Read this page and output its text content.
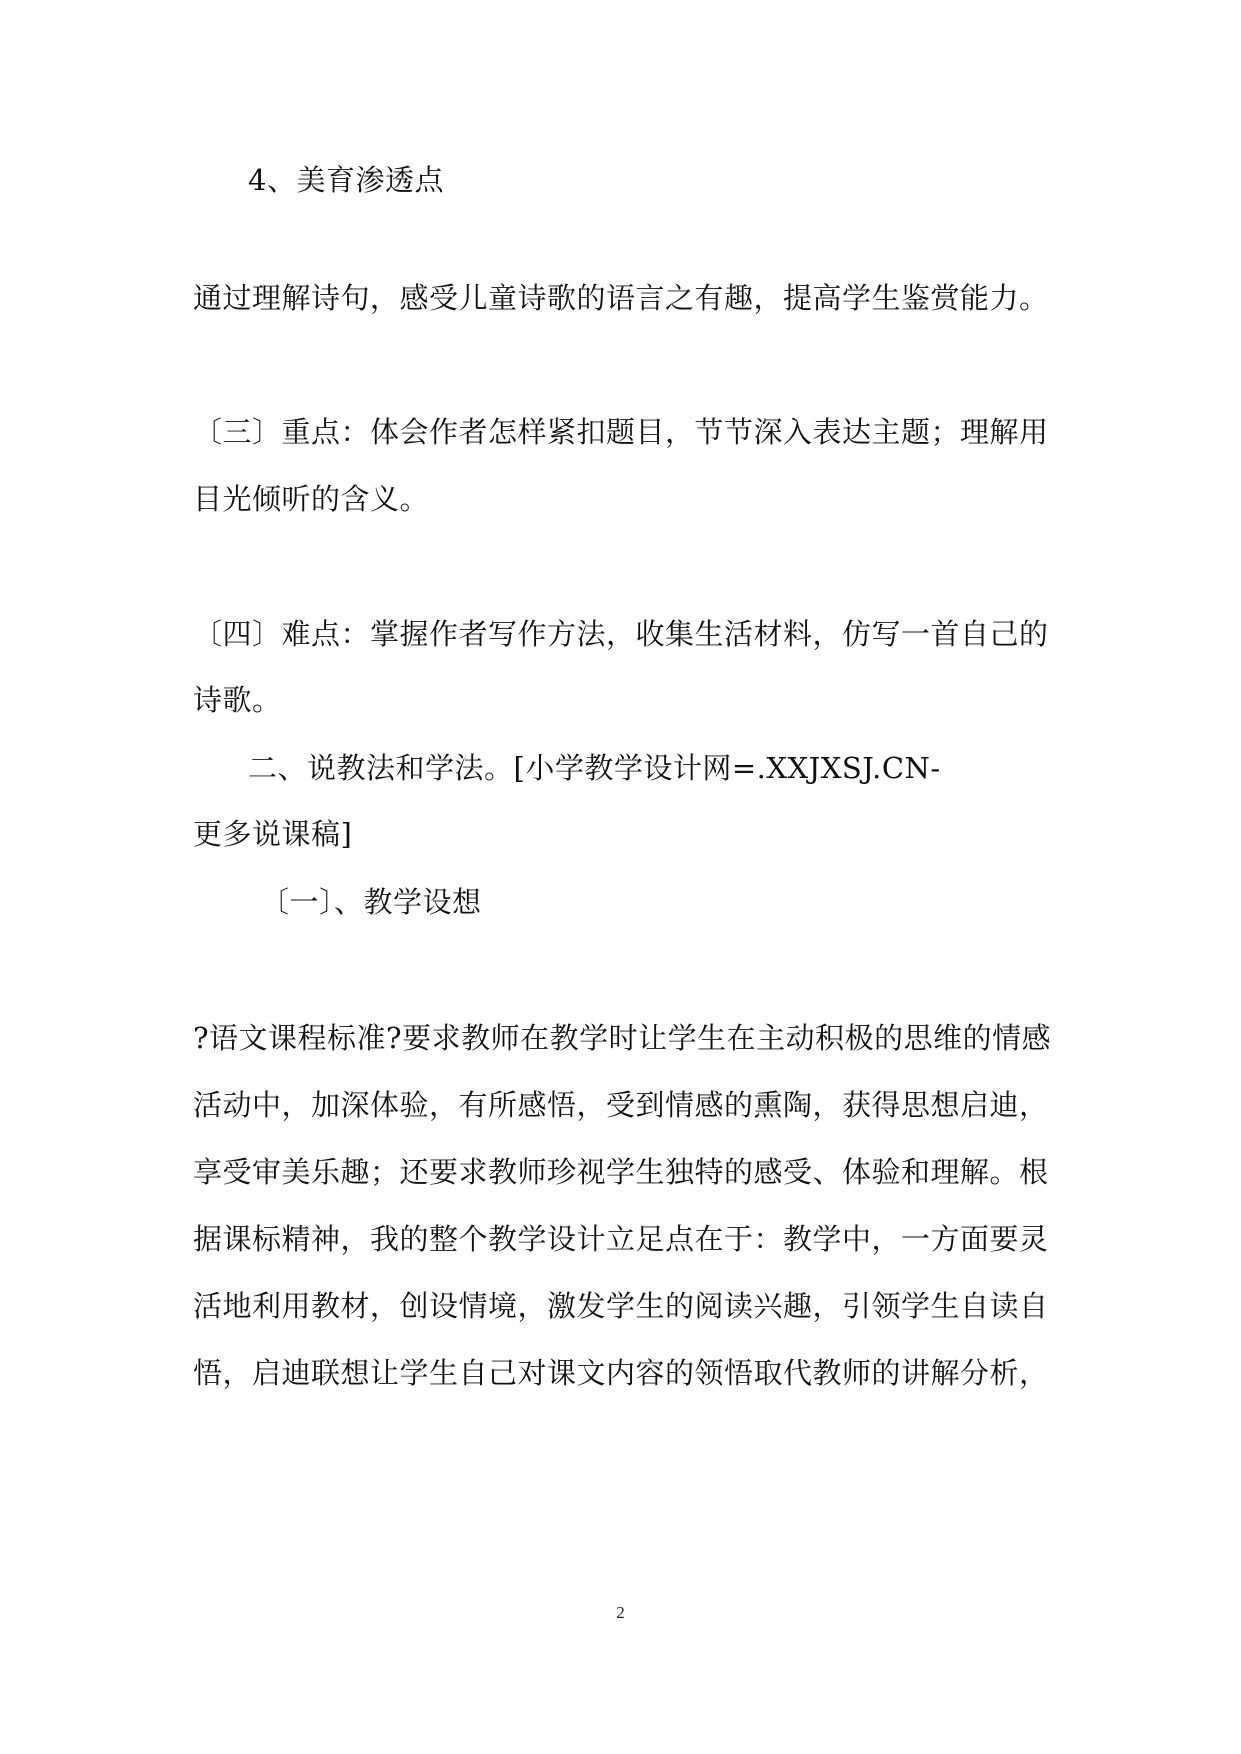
4、美育渗透点
通过理解诗句，感受儿童诗歌的语言之有趣，提高学生鉴赏能力。
〔三〕重点：体会作者怎样紧扣题目，节节深入表达主题；理解用
目光倾听的含义。
〔四〕难点：掌握作者写作方法，收集生活材料，仿写一首自己的
诗歌。
二、说教法和学法。[小学教学设计网=.XXJXSJ.CN-
更多说课稿]
〔一〕、教学设想
?语文课程标准?要求教师在教学时让学生在主动积极的思维的情感
活动中，加深体验，有所感悟，受到情感的熏陶，获得思想启迪，
享受审美乐趣；还要求教师珍视学生独特的感受、体验和理解。根
据课标精神，我的整个教学设计立足点在于：教学中，一方面要灵
活地利用教材，创设情境，激发学生的阅读兴趣，引领学生自读自
悟，启迪联想让学生自己对课文内容的领悟取代教师的讲解分析，
2
